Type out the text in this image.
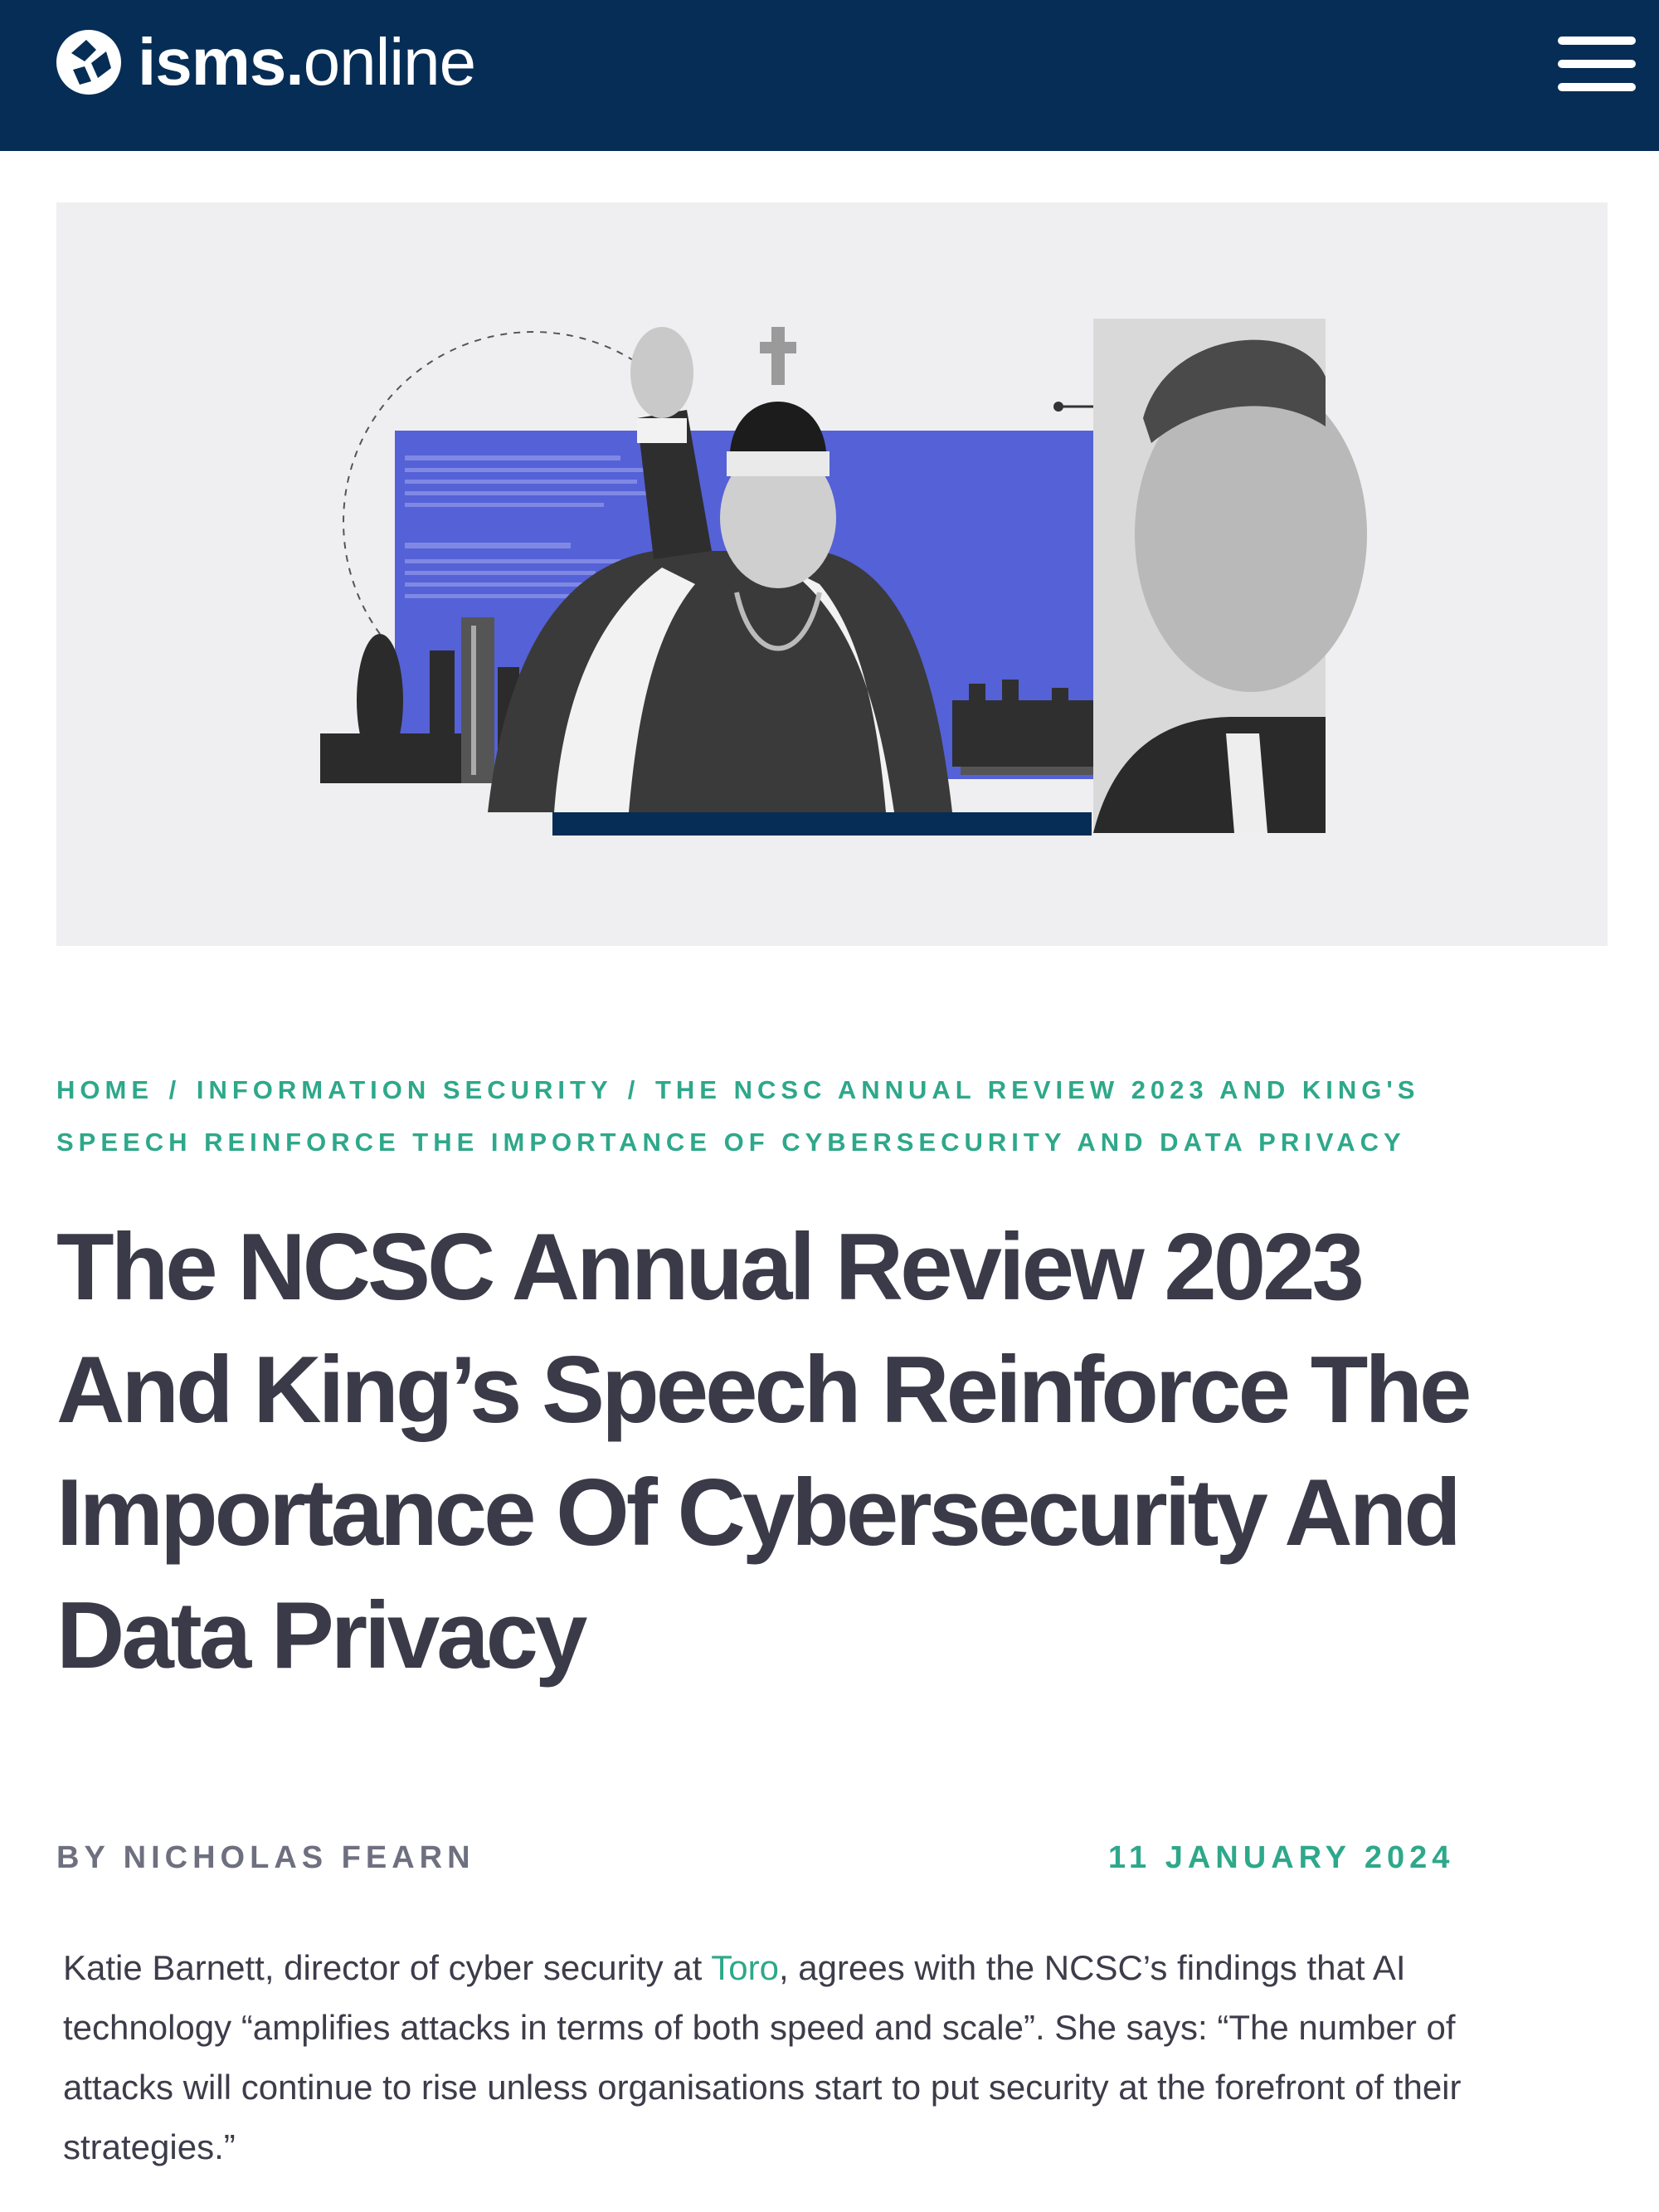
isms.online
HOME / INFORMATION SECURITY / THE NCSC ANNUAL REVIEW 2023 AND KING'S SPEECH REINFORCE THE IMPORTANCE OF CYBERSECURITY AND DATA PRIVACY
The NCSC Annual Review 2023 And King’s Speech Reinforce The Importance Of Cybersecurity And Data Privacy
BY NICHOLAS FEARN	11 JANUARY 2024

Katie Barnett, director of cyber security at Toro, agrees with the NCSC’s findings that AI technology “amplifies attacks in terms of both speed and scale”. She says: “The number of attacks will continue to rise unless organisations start to put security at the forefront of their strategies.”
